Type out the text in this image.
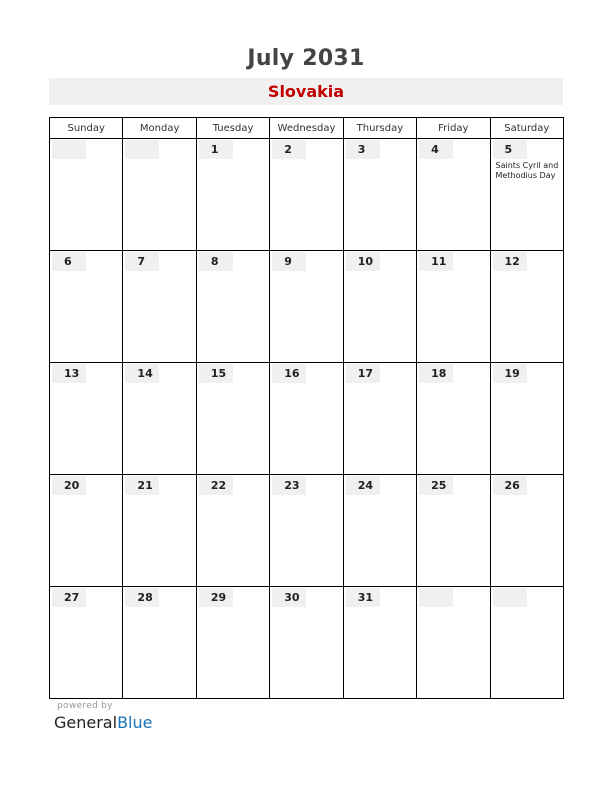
July 2031
Slovakia
Sunday	Monday	Tuesday	Wednesday	Thursday	Friday	Saturday

		1	2	3	4	5
Saints Cyril and Methodius Day

6	7	8	9	10	11	12

13	14	15	16	17	18	19

20	21	22	23	24	25	26

27	28	29	30	31		

powered by
GeneralBlue
